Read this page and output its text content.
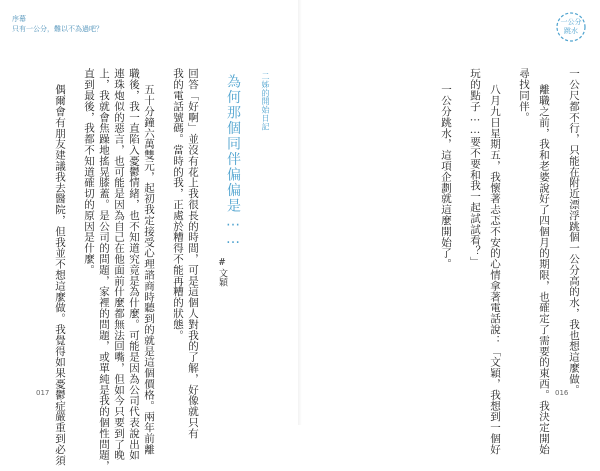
序幕
只有一公分，難以不為過吧？
一公分
跳水
一公尺都不行，只能在附近漂浮跳個一公分高的水，我也想這麼做。
離職之前，我和老婆說好了四個月的期限，也確定了需要的東西。我決定開始
尋找同伴。
八月九日星期五，我懷著忐忑不安的心情拿著電話說：「文穎，我想到一個好
玩的點子……要不要和我一起試試看？」
一公分跳水，這項企劃就這麼開始了。
016
二姊的開始日記
為何那個同伴偏偏是……
#文穎
我的電話號碼。當時的我，正處於糟得不能再糟的狀態。 回答「好啊」並沒有花上我很長的時間，可是這個人對我的了解，好像就只有
五十分鐘六萬雙元，起初我定接受心理諮商時聽到的就是這個價格。兩年前離
職後，我一直陷入憂鬱情緒，也不知道究竟是為什麼。可能是因為公司代表說出如
連珠炮似的惡言，也可能是因為自己在他面前什麼都無法回嘴，但如今只要到了晚
上，我就會焦躁地搖晃膝蓋。是公司的問題，家裡的問題，或單純是我的個性問題，
直到最後，我都不知道確切的原因是什麼。
偶爾會有朋友建議我去醫院，但我並不想這麼做。我覺得如果憂鬱症嚴重到必須
017
